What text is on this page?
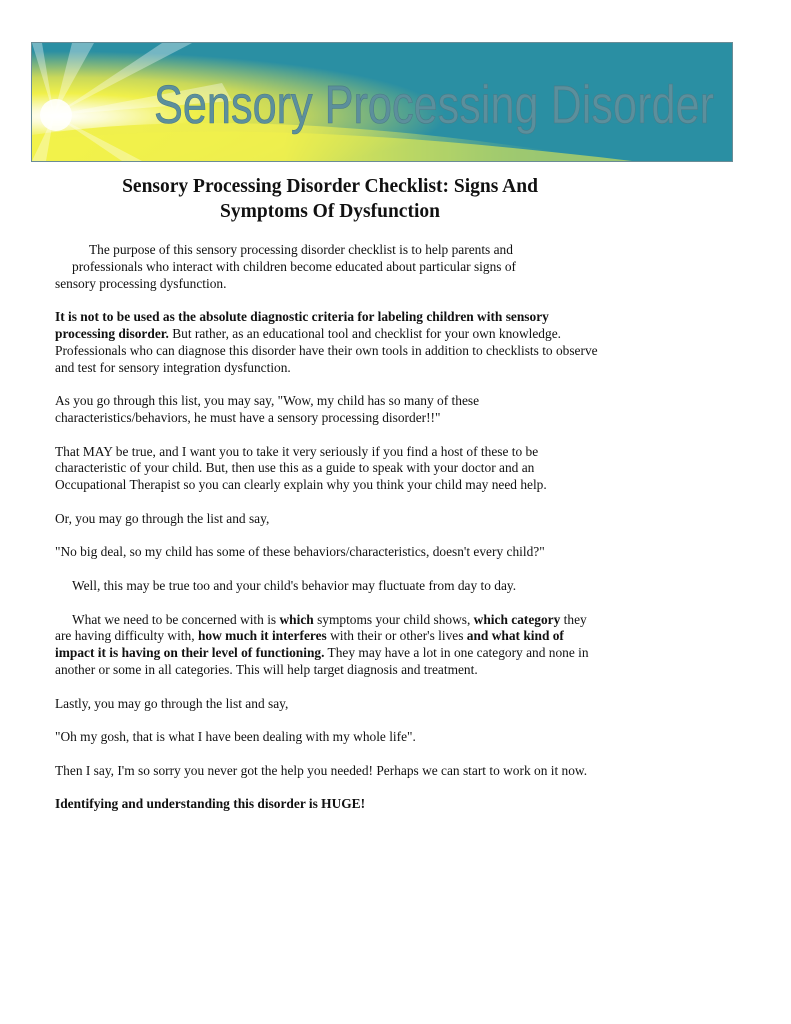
Sensory Processing Disorder
Sensory Processing Disorder Checklist: Signs And
Symptoms Of Dysfunction

The purpose of this sensory processing disorder checklist is to help parents and
professionals who interact with children become educated about particular signs of
sensory processing dysfunction.

It is not to be used as the absolute diagnostic criteria for labeling children with sensory processing disorder. But rather, as an educational tool and checklist for your own knowledge. Professionals who can diagnose this disorder have their own tools in addition to checklists to observe and test for sensory integration dysfunction.

As you go through this list, you may say, "Wow, my child has so many of these characteristics/behaviors, he must have a sensory processing disorder!!"

That MAY be true, and I want you to take it very seriously if you find a host of these to be characteristic of your child. But, then use this as a guide to speak with your doctor and an Occupational Therapist so you can clearly explain why you think your child may need help.

Or, you may go through the list and say,

"No big deal, so my child has some of these behaviors/characteristics, doesn't every child?"

Well, this may be true too and your child's behavior may fluctuate from day to day.

What we need to be concerned with is which symptoms your child shows, which category they are having difficulty with, how much it interferes with their or other's lives and what kind of impact it is having on their level of functioning. They may have a lot in one category and none in another or some in all categories. This will help target diagnosis and treatment.

Lastly, you may go through the list and say,

"Oh my gosh, that is what I have been dealing with my whole life".

Then I say, I'm so sorry you never got the help you needed! Perhaps we can start to work on it now.

Identifying and understanding this disorder is HUGE!
